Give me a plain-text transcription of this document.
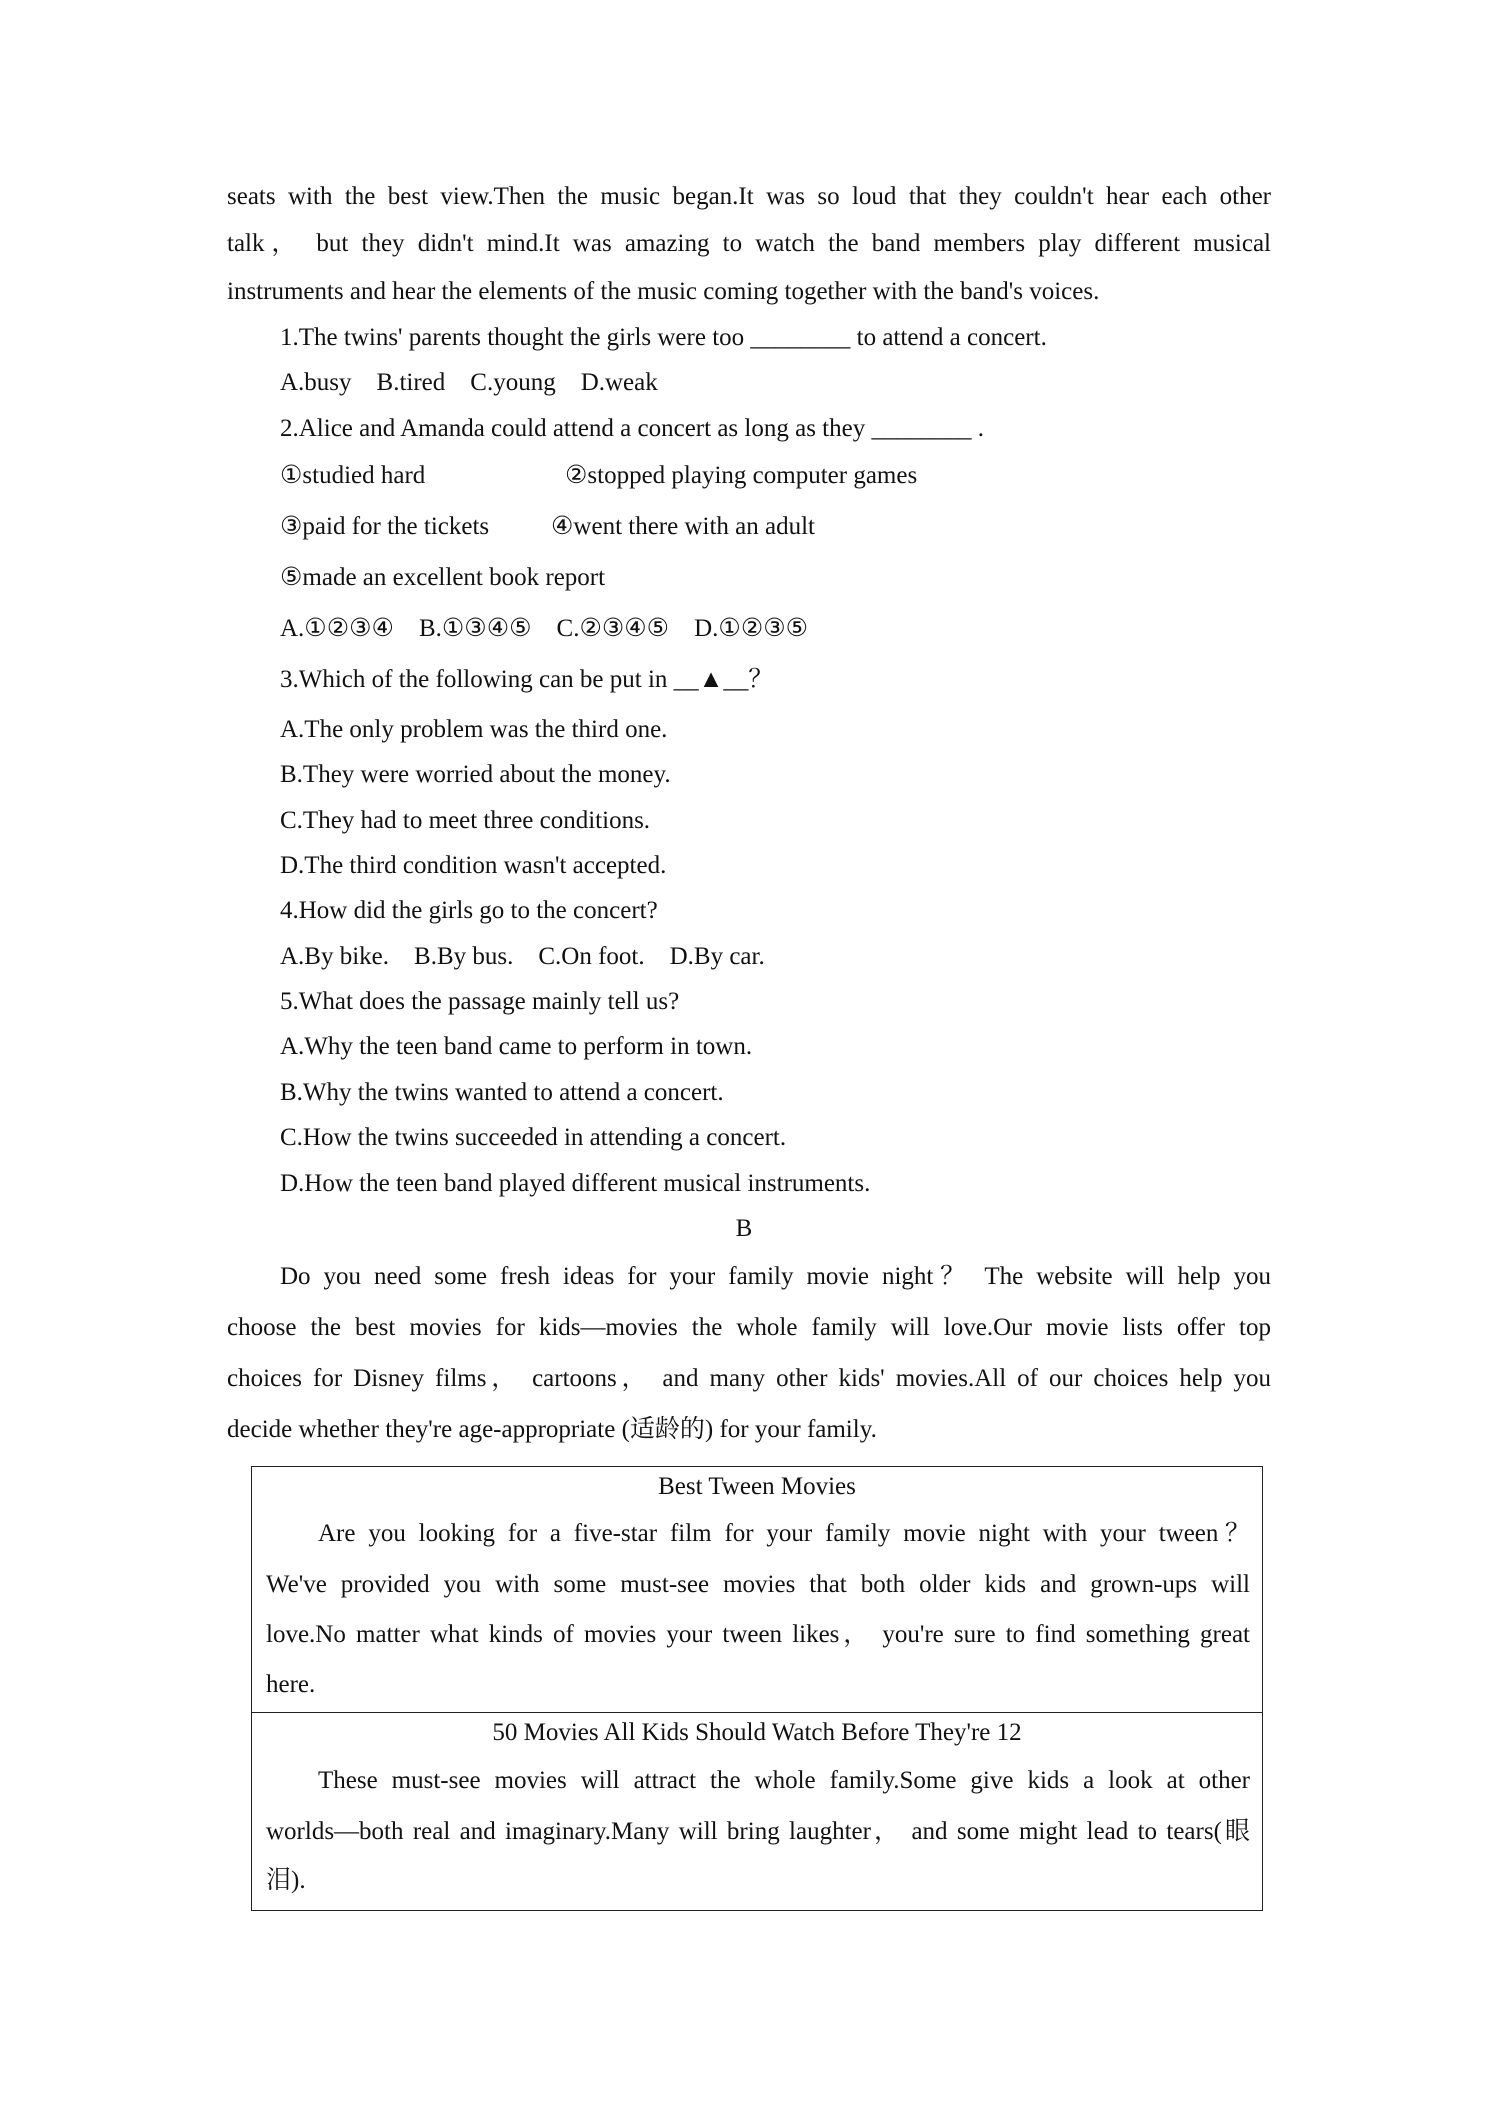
seats with the best view.Then the music began.It was so loud that they couldn't hear each other
talk， but they didn't mind.It was amazing to watch the band members play different musical
instruments and hear the elements of the music coming together with the band's voices.
1.The twins' parents thought the girls were too ________ to attend a concert.
A.busy    B.tired    C.young    D.weak
2.Alice and Amanda could attend a concert as long as they ________ .
①studied hard	②stopped playing computer games
③paid for the tickets ④went there with an adult
⑤made an excellent book report
A.①②③④    B.①③④⑤    C.②③④⑤    D.①②③⑤
3.Which of the following can be put in __▲__？
A.The only problem was the third one.
B.They were worried about the money.
C.They had to meet three conditions.
D.The third condition wasn't accepted.
4.How did the girls go to the concert?
A.By bike.    B.By bus.    C.On foot.    D.By car.
5.What does the passage mainly tell us?
A.Why the teen band came to perform in town.
B.Why the twins wanted to attend a concert.
C.How the twins succeeded in attending a concert.
D.How the teen band played different musical instruments.
B
Do you need some fresh ideas for your family movie night？ The website will help you
choose the best movies for kids—movies the whole family will love.Our movie lists offer top
choices for Disney films， cartoons， and many other kids' movies.All of our choices help you
decide whether they're age-appropriate (适龄的) for your family.
Best Tween Movies
Are you looking for a five-star film for your family movie night with your tween？
We've provided you with some must-see movies that both older kids and grown-ups will
love.No matter what kinds of movies your tween likes， you're sure to find something great
here.
50 Movies All Kids Should Watch Before They're 12
These must-see movies will attract the whole family.Some give kids a look at other
worlds—both real and imaginary.Many will bring laughter， and some might lead to tears(眼
泪).
